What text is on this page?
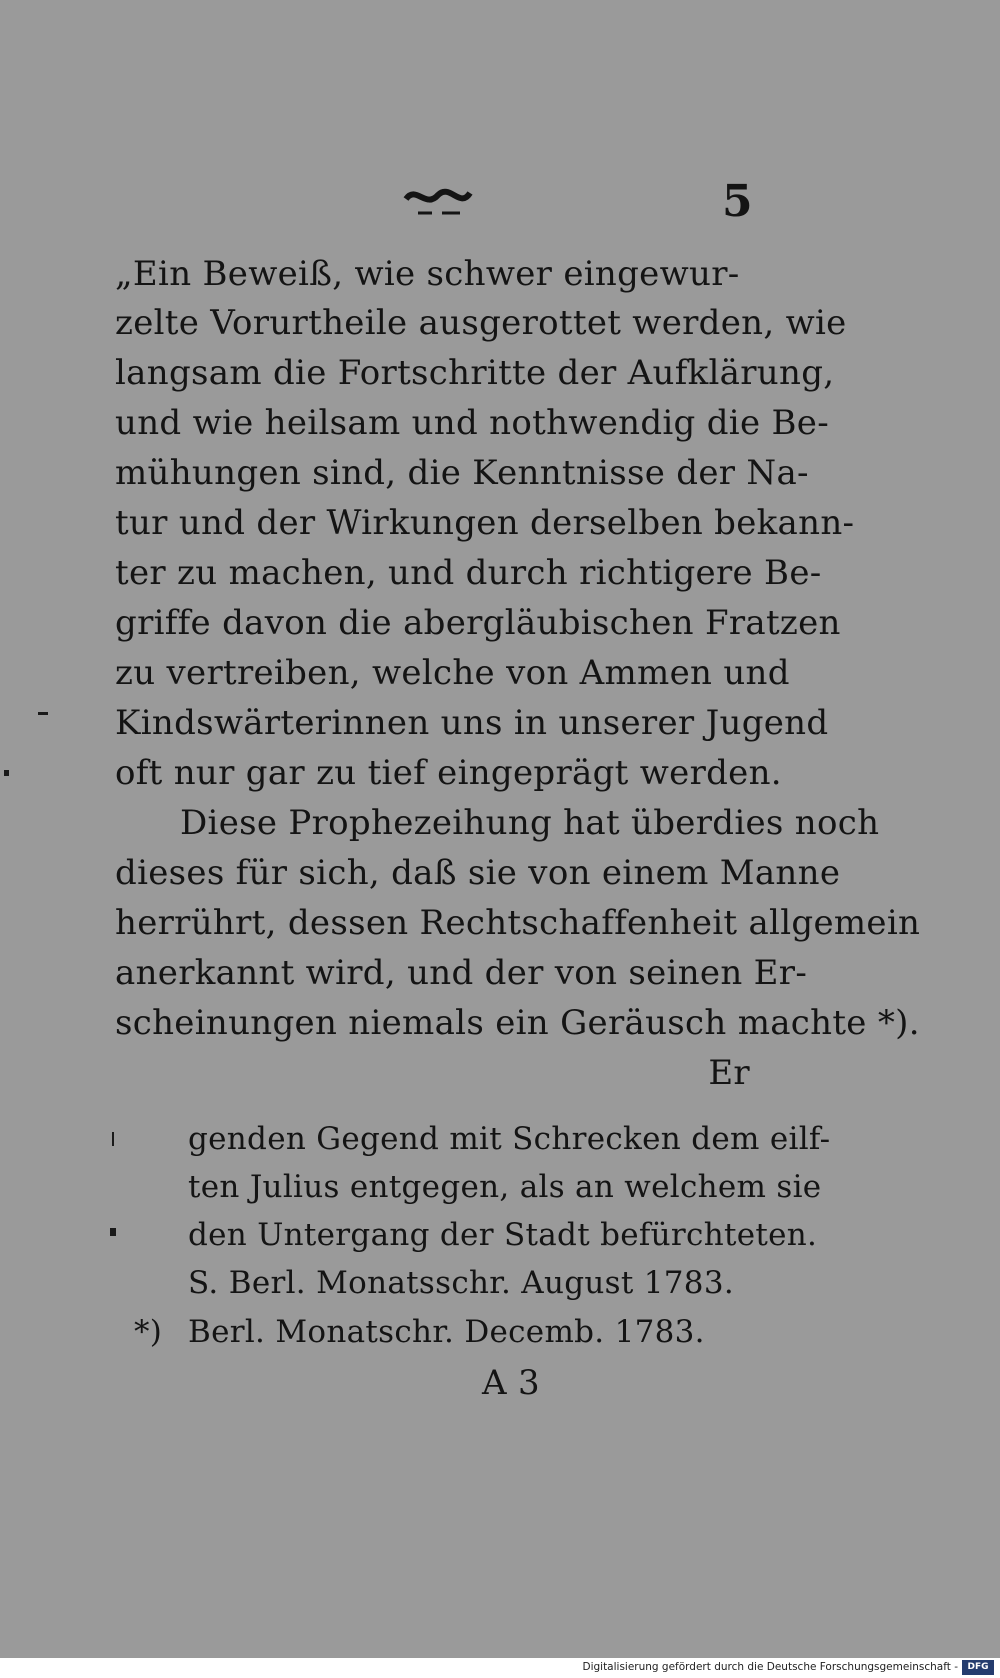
5
„Ein Beweiß, wie schwer eingewur-
zelte Vorurtheile ausgerottet werden, wie
langsam die Fortschritte der Aufklärung,
und wie heilsam und nothwendig die Be-
mühungen sind, die Kenntnisse der Na-
tur und der Wirkungen derselben bekann-
ter zu machen, und durch richtigere Be-
griffe davon die abergläubischen Fratzen
zu vertreiben, welche von Ammen und
Kindswärterinnen uns in unserer Jugend
oft nur gar zu tief eingeprägt werden.
Diese Prophezeihung hat überdies noch
dieses für sich, daß sie von einem Manne
herrührt, dessen Rechtschaffenheit allgemein
anerkannt wird, und der von seinen Er-
scheinungen niemals ein Geräusch machte *).
Er
genden Gegend mit Schrecken dem eilf-
ten Julius entgegen, als an welchem sie
den Untergang der Stadt befürchteten.
S. Berl. Monatsschr. August 1783.
*) Berl. Monatschr. Decemb. 1783.
A 3
Digitalisierung gefördert durch die Deutsche Forschungsgemeinschaft -	DFG
